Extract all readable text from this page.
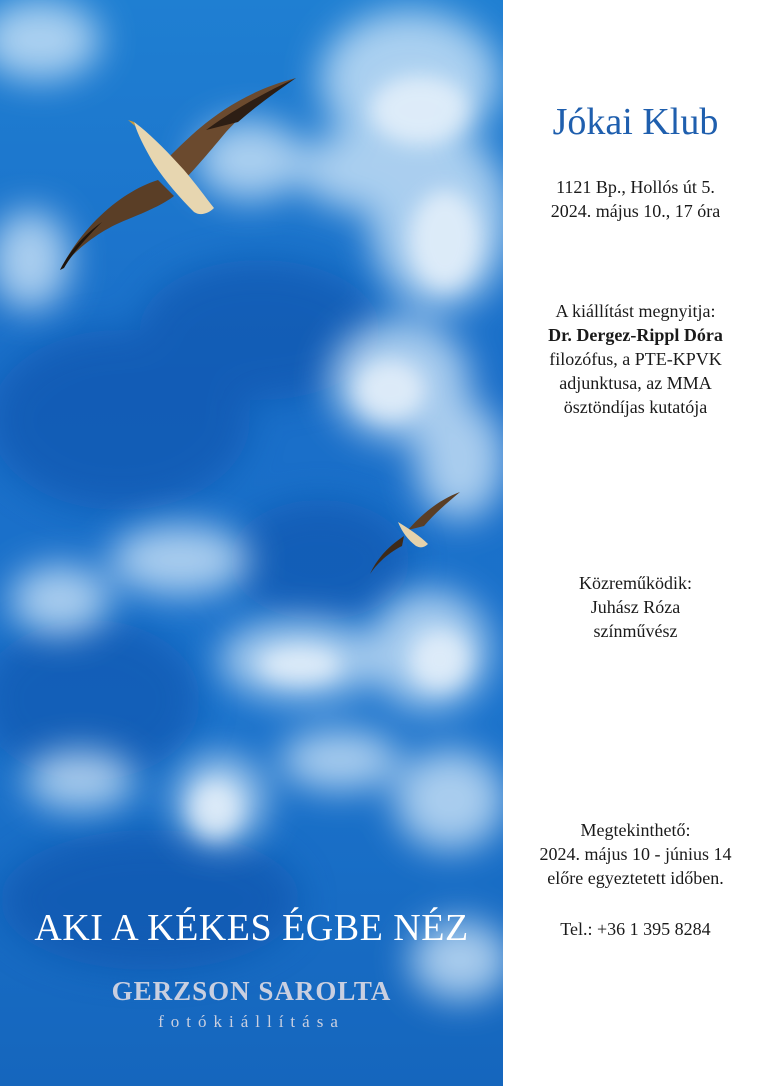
AKI A KÉKES ÉGBE NÉZ
GERZSON SAROLTA
fotókiállítása
Jókai Klub
1121 Bp., Hollós út 5.
2024. május 10., 17 óra
A kiállítást megnyitja:
Dr. Dergez-Rippl Dóra
filozófus, a PTE-KPVK
adjunktusa, az MMA
ösztöndíjas kutatója
Közreműködik:
Juhász Róza
színművész
Megtekinthető:
2024. május 10 - június 14
előre egyeztetett időben.
Tel.: +36 1 395 8284
